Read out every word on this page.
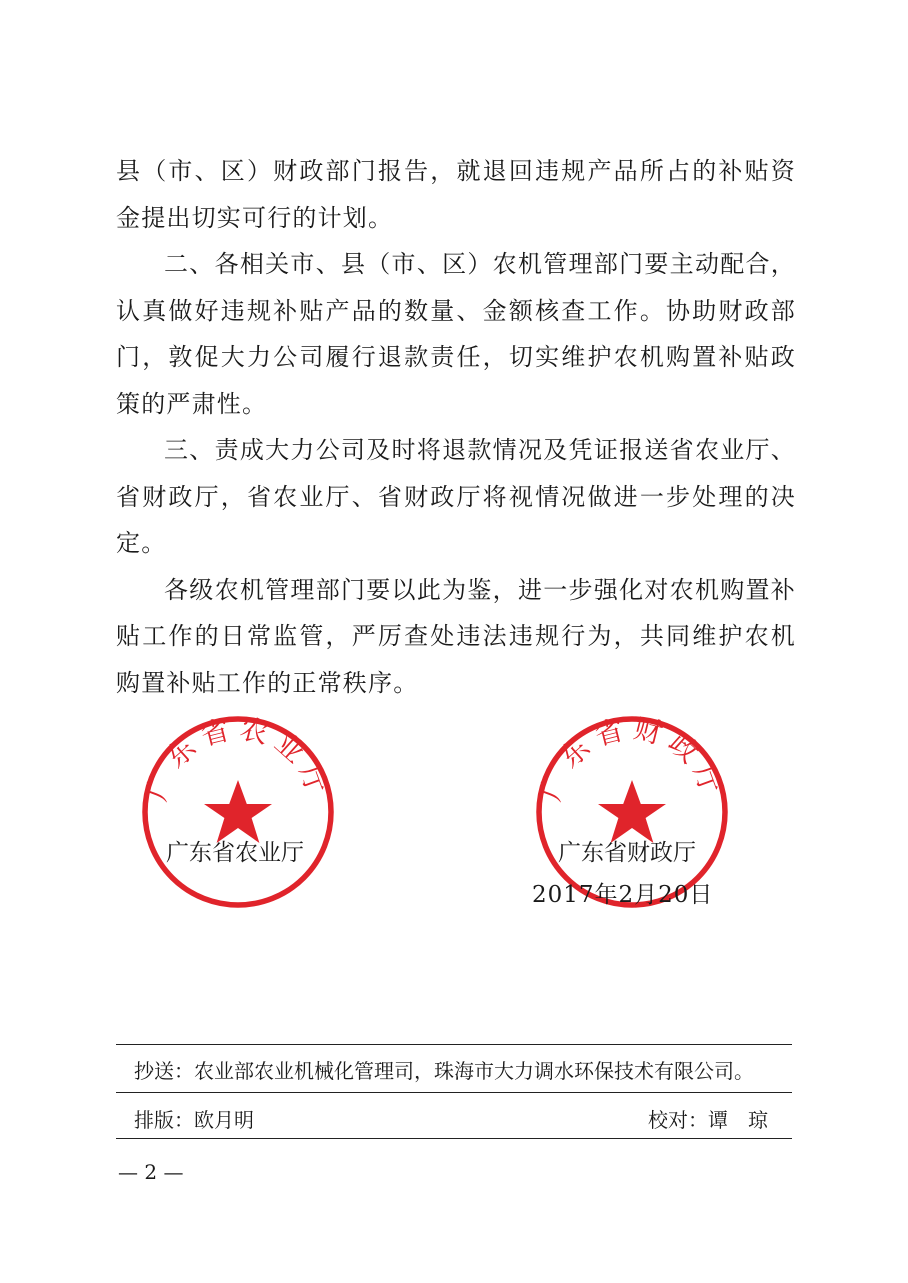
县（市、区）财政部门报告，就退回违规产品所占的补贴资金提出切实可行的计划。

二、各相关市、县（市、区）农机管理部门要主动配合，认真做好违规补贴产品的数量、金额核查工作。协助财政部门，敦促大力公司履行退款责任，切实维护农机购置补贴政策的严肃性。

三、责成大力公司及时将退款情况及凭证报送省农业厅、省财政厅，省农业厅、省财政厅将视情况做进一步处理的决定。

各级农机管理部门要以此为鉴，进一步强化对农机购置补贴工作的日常监管，严厉查处违法违规行为，共同维护农机购置补贴工作的正常秩序。

广东省农业厅
广东省农业厅
广东省财政厅
广东省财政厅
2017年2月20日
抄送：农业部农业机械化管理司，珠海市大力调水环保技术有限公司。
排版：欧月明	校对：谭　琼
— 2 —
